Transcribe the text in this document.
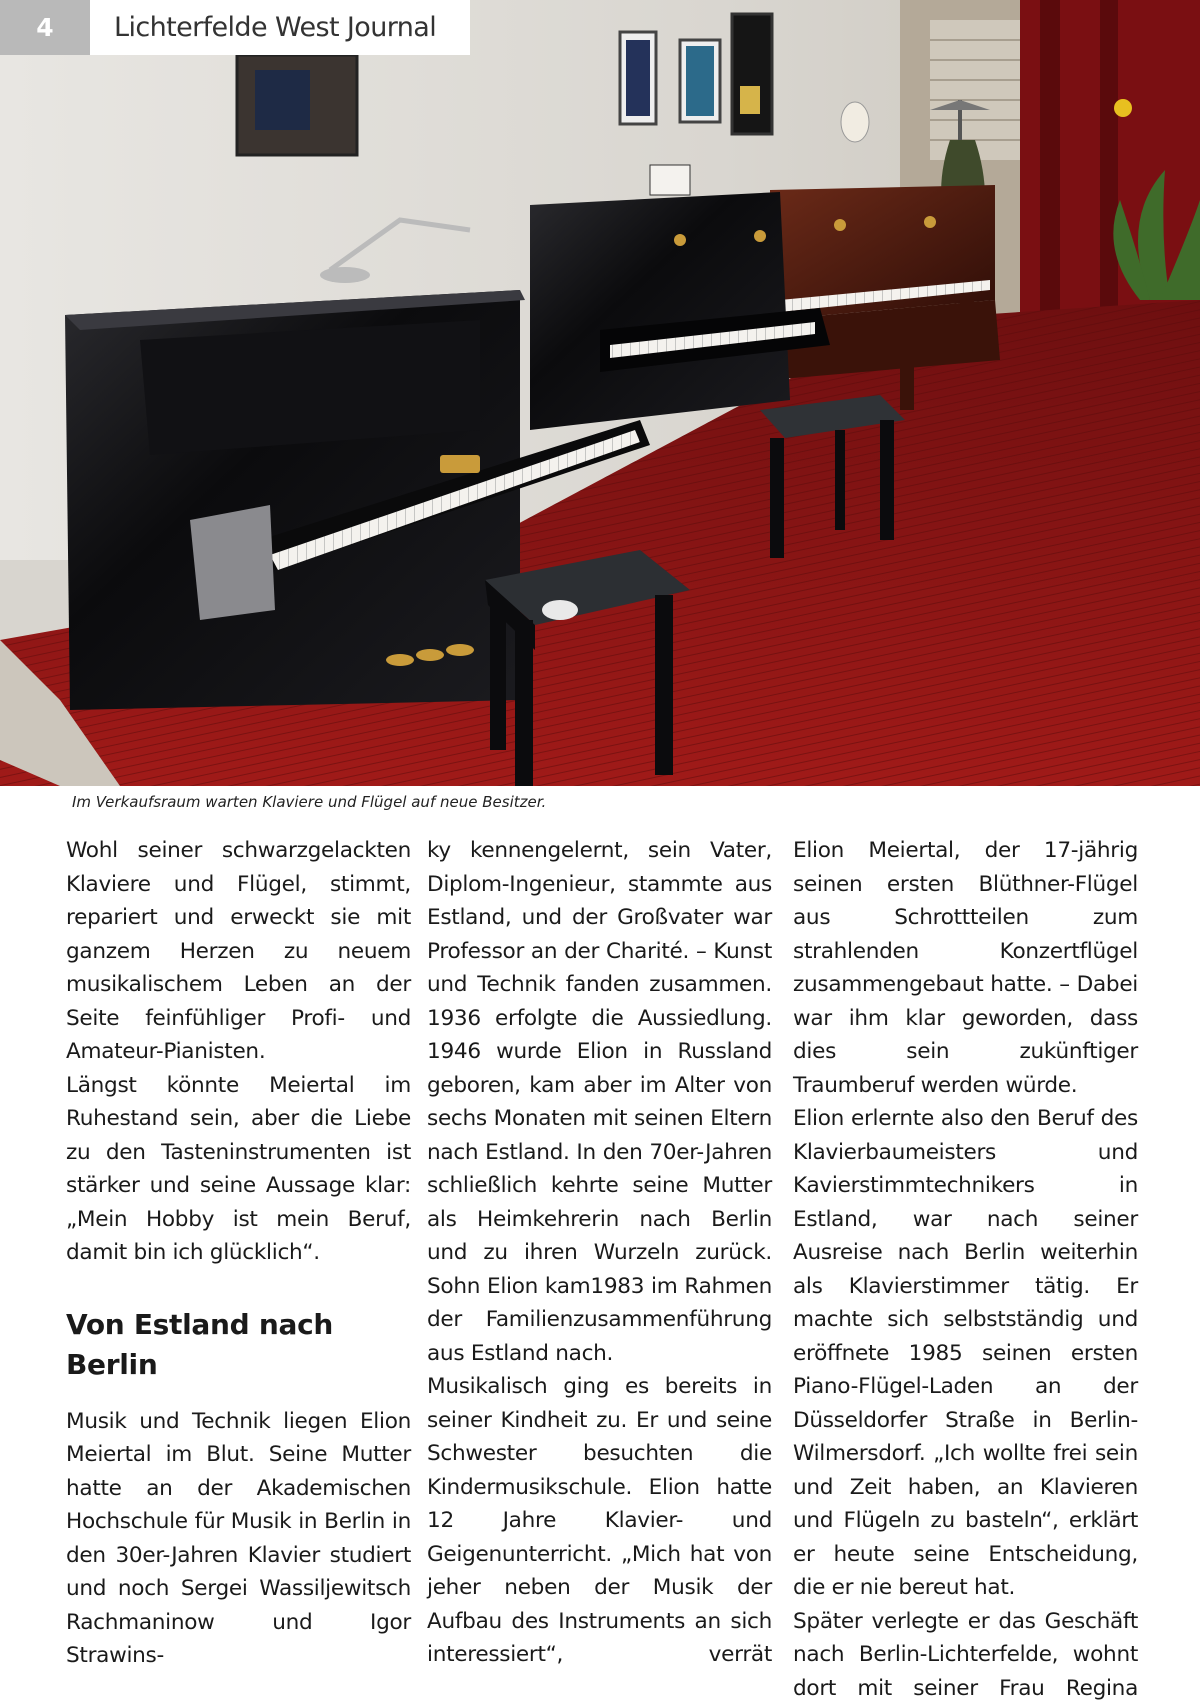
4	Lichterfelde West Journal
Im Verkaufsraum warten Klaviere und Flügel auf neue Besitzer.

Wohl seiner schwarzgelackten Klaviere und Flügel, stimmt, repariert und erweckt sie mit ganzem Herzen zu neuem musikalischem Leben an der Seite feinfühliger Profi- und Amateur-Pianisten.

Längst könnte Meiertal im Ruhestand sein, aber die Liebe zu den Tasteninstrumenten ist stärker und seine Aussage klar: „Mein Hobby ist mein Beruf, damit bin ich glücklich“.

Von Estland nach Berlin

Musik und Technik liegen Elion Meiertal im Blut. Seine Mutter hatte an der Akademischen Hochschule für Musik in Berlin in den 30er-Jahren Klavier studiert und noch Sergei Wassiljewitsch Rachmaninow und Igor Strawins-

ky kennengelernt, sein Vater, Diplom-Ingenieur, stammte aus Estland, und der Großvater war Professor an der Charité. – Kunst und Technik fanden zusammen. 1936 erfolgte die Aussiedlung. 1946 wurde Elion in Russland geboren, kam aber im Alter von sechs Monaten mit seinen Eltern nach Estland. In den 70er-Jahren schließlich kehrte seine Mutter als Heimkehrerin nach Berlin und zu ihren Wurzeln zurück. Sohn Elion kam1983 im Rahmen der Familienzusammenführung aus Estland nach.

Musikalisch ging es bereits in seiner Kindheit zu. Er und seine Schwester besuchten die Kindermusikschule. Elion hatte 12 Jahre Klavier- und Geigenunterricht. „Mich hat von jeher neben der Musik der Aufbau des Instruments an sich interessiert“, verrät

Elion Meiertal, der 17-jährig seinen ersten Blüthner-Flügel aus Schrottteilen zum strahlenden Konzertflügel zusammengebaut hatte. – Dabei war ihm klar geworden, dass dies sein zukünftiger Traumberuf werden würde.

Elion erlernte also den Beruf des Klavierbaumeisters und Kavierstimmtechnikers in Estland, war nach seiner Ausreise nach Berlin weiterhin als Klavierstimmer tätig. Er machte sich selbstständig und eröffnete 1985 seinen ersten Piano-Flügel-Laden an der Düsseldorfer Straße in Berlin-Wilmersdorf. „Ich wollte frei sein und Zeit haben, an Klavieren und Flügeln zu basteln“, erklärt er heute seine Entscheidung, die er nie bereut hat.

Später verlegte er das Geschäft nach Berlin-Lichterfelde, wohnt dort mit seiner Frau Regina
